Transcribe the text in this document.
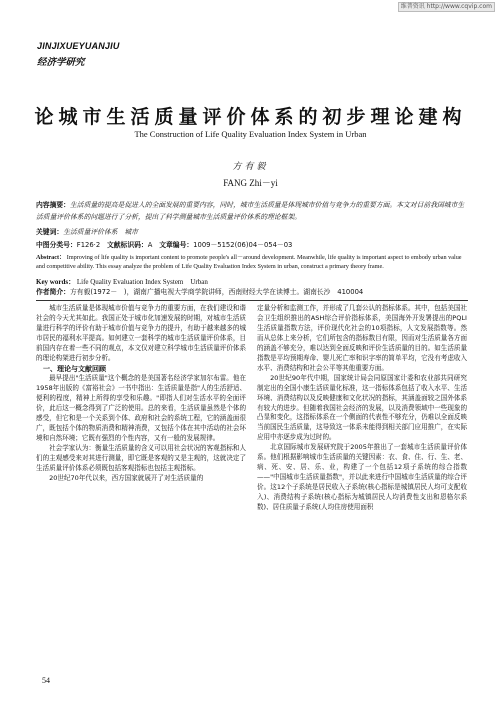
维普资讯 http://www.cqvip.com
JINJIXUEYUANJIU
经济学研究
论城市生活质量评价体系的初步理论建构
The Construction of Life Quality Evaluation Index System in Urban
方有毅
FANG Zhi－yi
内容摘要：生活质量的提高是促进人的全面发展的重要内容，同时，城市生活质量是体现城市价值与竞争力的重要方面。本文对目前我国城市生活质量评价体系的问题进行了分析，提出了科学测量城市生活质量评价体系的理论框架。
关键词：生活质量评价体系　城市
中图分类号：F126·2  文献标识码：A  文章编号：1009－5152(06)04－054－03
Abstract： Improving of life quality is important content to promote people's all－around development. Meanwhile, life quality is important aspect to embody urban value and competitive ability. This essay analyze the problem of Life Quality Evaluation Index System in urban, construct a primary theory frame.
Key words： Life Quality Evaluation Index System　Urban
作者简介：方有毅(1972－　)，湖南广播电视大学商学院讲师，西南财经大学在读博士。湖南长沙　410004

城市生活质量是体现城市价值与竞争力的重要方面，在我们建设和谐社会的今天尤其如此。我国正处于城市化加速发展的时期，对城市生活质量进行科学的评价有助于城市价值与竞争力的提升，有助于越来越多的城市居民的福利水平提高。如何建立一套科学的城市生活质量评价体系，目前国内存在着一些不同的观点，本文仅对建立科学城市生活质量评价体系的理论构架进行初步分析。

一、理论与文献回顾

最早提出"生活质量"这个概念的是美国著名经济学家加尔布雷。他在1958年出版的《富裕社会》一书中指出：生活质量是指"人的生活舒适、便利的程度，精神上所得的享受和乐趣。"即指人们对生活水平的全面评价，此后这一概念得到了广泛的使用。总的来看，生活质量虽然是个体的感受，但它和是一个关系到个体、政府和社会的系统工程，它的涵盖面很广，既包括个体的物质消费和精神消费，又包括个体在其中活动的社会环境和自然环境；它既有强烈的个性内容，又有一般的发展规律。

社会学家认为：衡量生活质量的含义可以用社会状况的客观指标和人们的主观感受来对其进行测量，即它既是客观的又是主观的，这就决定了生活质量评价体系必须既包括客观指标也包括主观指标。

20世纪70年代以来，西方国家就展开了对生活质量的

定量分析和监测工作，并形成了几套公认的指标体系。其中，包括美国社会卫生组织推出的ASH综合评价指标体系，美国海外开发署提出的PQLI生活质量指数方法，评价现代化社会的10项指标，人文发展指数等。然而从总体上来分析，它们所包含的指标数目有限，因而对生活质量各方面的涵盖不够充分，难以达到全面反映和评价生活质量的目的。如生活质量指数是平均预期寿命、婴儿死亡率和识字率的简单平均，它没有考虑收入水平、消费结构和社会公平等其他重要方面。

20世纪90年代中期，国家统计局会同原国家计委和农业部共同研究制定出的全国小康生活质量化标准，这一指标体系包括了收入水平、生活环境、消费结构以及反映健康和文化状况的指标，其涵盖面较之国外体系有较大的进步。但随着我国社会经济的发展，以及消费领域中一些现象的凸显和变化，这指标体系在一个侧面的代表性不够充分，仍难以全面反映当前国民生活质量，这导致这一体系未能得到相关部门应用推广，在实际应用中亦逐步成为过时的。

北京国际城市发展研究院于2005年推出了一套城市生活质量评价体系。他们根据影响城市生活质量的关键因素：衣、食、住、行、生、老、病、死、安、居、乐、业，构建了一个包括12项子系统的综合指数——"中国城市生活质量指数"，并以此来进行中国城市生活质量的综合评价。这12个子系统是居民收入子系统(核心指标是城镇居民人均可支配收入)、消费结构子系统(核心指标为城镇居民人均消费性支出和恩格尔系数)、居住质量子系统(人均住房使用面积

54
